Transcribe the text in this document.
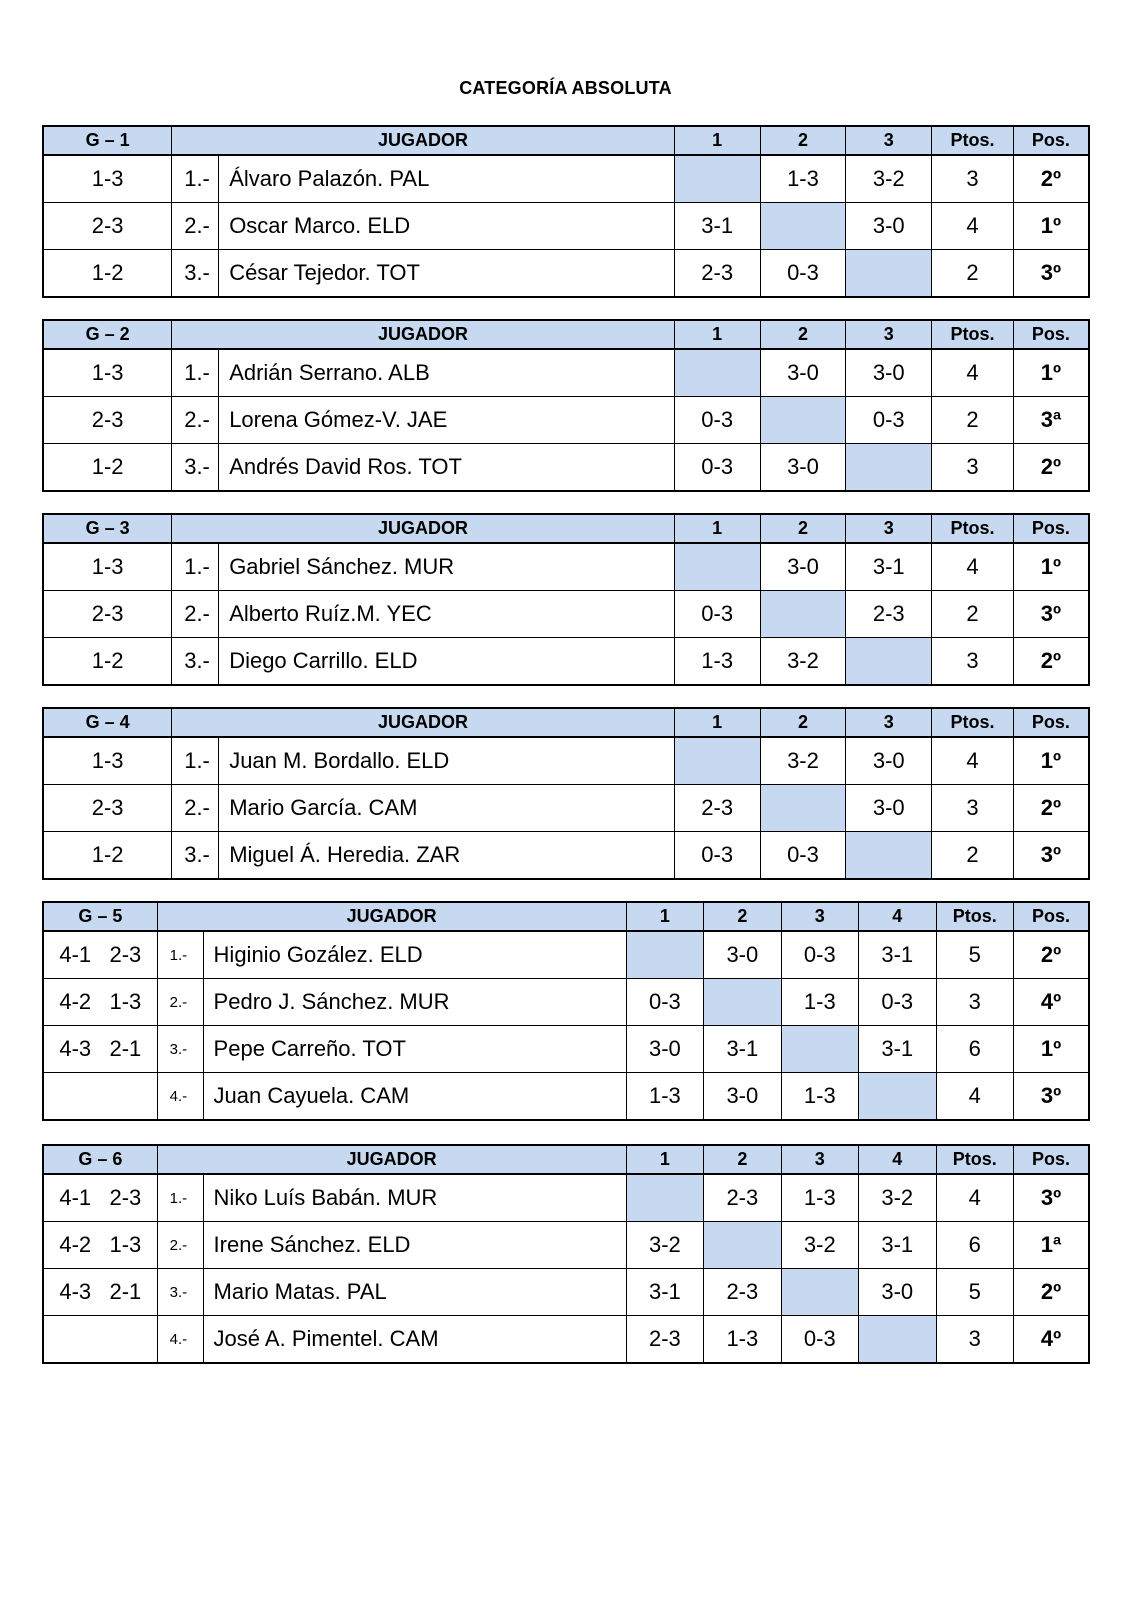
CATEGORÍA ABSOLUTA
G – 1	JUGADOR		1	2	3	Ptos.	Pos.
1-3	1.-	Álvaro Palazón. PAL		1-3	3-2	3	2º
2-3	2.-	Oscar Marco. ELD	3-1		3-0	4	1º
1-2	3.-	César Tejedor. TOT	2-3	0-3		2	3º
G – 2	JUGADOR		1	2	3	Ptos.	Pos.
1-3	1.-	Adrián Serrano. ALB		3-0	3-0	4	1º
2-3	2.-	Lorena Gómez-V. JAE	0-3		0-3	2	3ª
1-2	3.-	Andrés David Ros. TOT	0-3	3-0		3	2º
G – 3	JUGADOR		1	2	3	Ptos.	Pos.
1-3	1.-	Gabriel Sánchez. MUR		3-0	3-1	4	1º
2-3	2.-	Alberto Ruíz.M. YEC	0-3		2-3	2	3º
1-2	3.-	Diego Carrillo. ELD	1-3	3-2		3	2º
G – 4	JUGADOR		1	2	3	Ptos.	Pos.
1-3	1.-	Juan M. Bordallo. ELD		3-2	3-0	4	1º
2-3	2.-	Mario García. CAM	2-3		3-0	3	2º
1-2	3.-	Miguel Á. Heredia. ZAR	0-3	0-3		2	3º
G – 5	JUGADOR		1	2	3	4	Ptos.	Pos.
4-1   2-3	1.-	Higinio Gozález. ELD		3-0	0-3	3-1	5	2º
4-2   1-3	2.-	Pedro J. Sánchez. MUR	0-3		1-3	0-3	3	4º
4-3   2-1	3.-	Pepe Carreño. TOT	3-0	3-1		3-1	6	1º
	4.-	Juan Cayuela. CAM	1-3	3-0	1-3		4	3º
G – 6	JUGADOR		1	2	3	4	Ptos.	Pos.
4-1   2-3	1.-	Niko Luís Babán. MUR		2-3	1-3	3-2	4	3º
4-2   1-3	2.-	Irene Sánchez. ELD	3-2		3-2	3-1	6	1ª
4-3   2-1	3.-	Mario Matas. PAL	3-1	2-3		3-0	5	2º
	4.-	José A. Pimentel. CAM	2-3	1-3	0-3		3	4º
